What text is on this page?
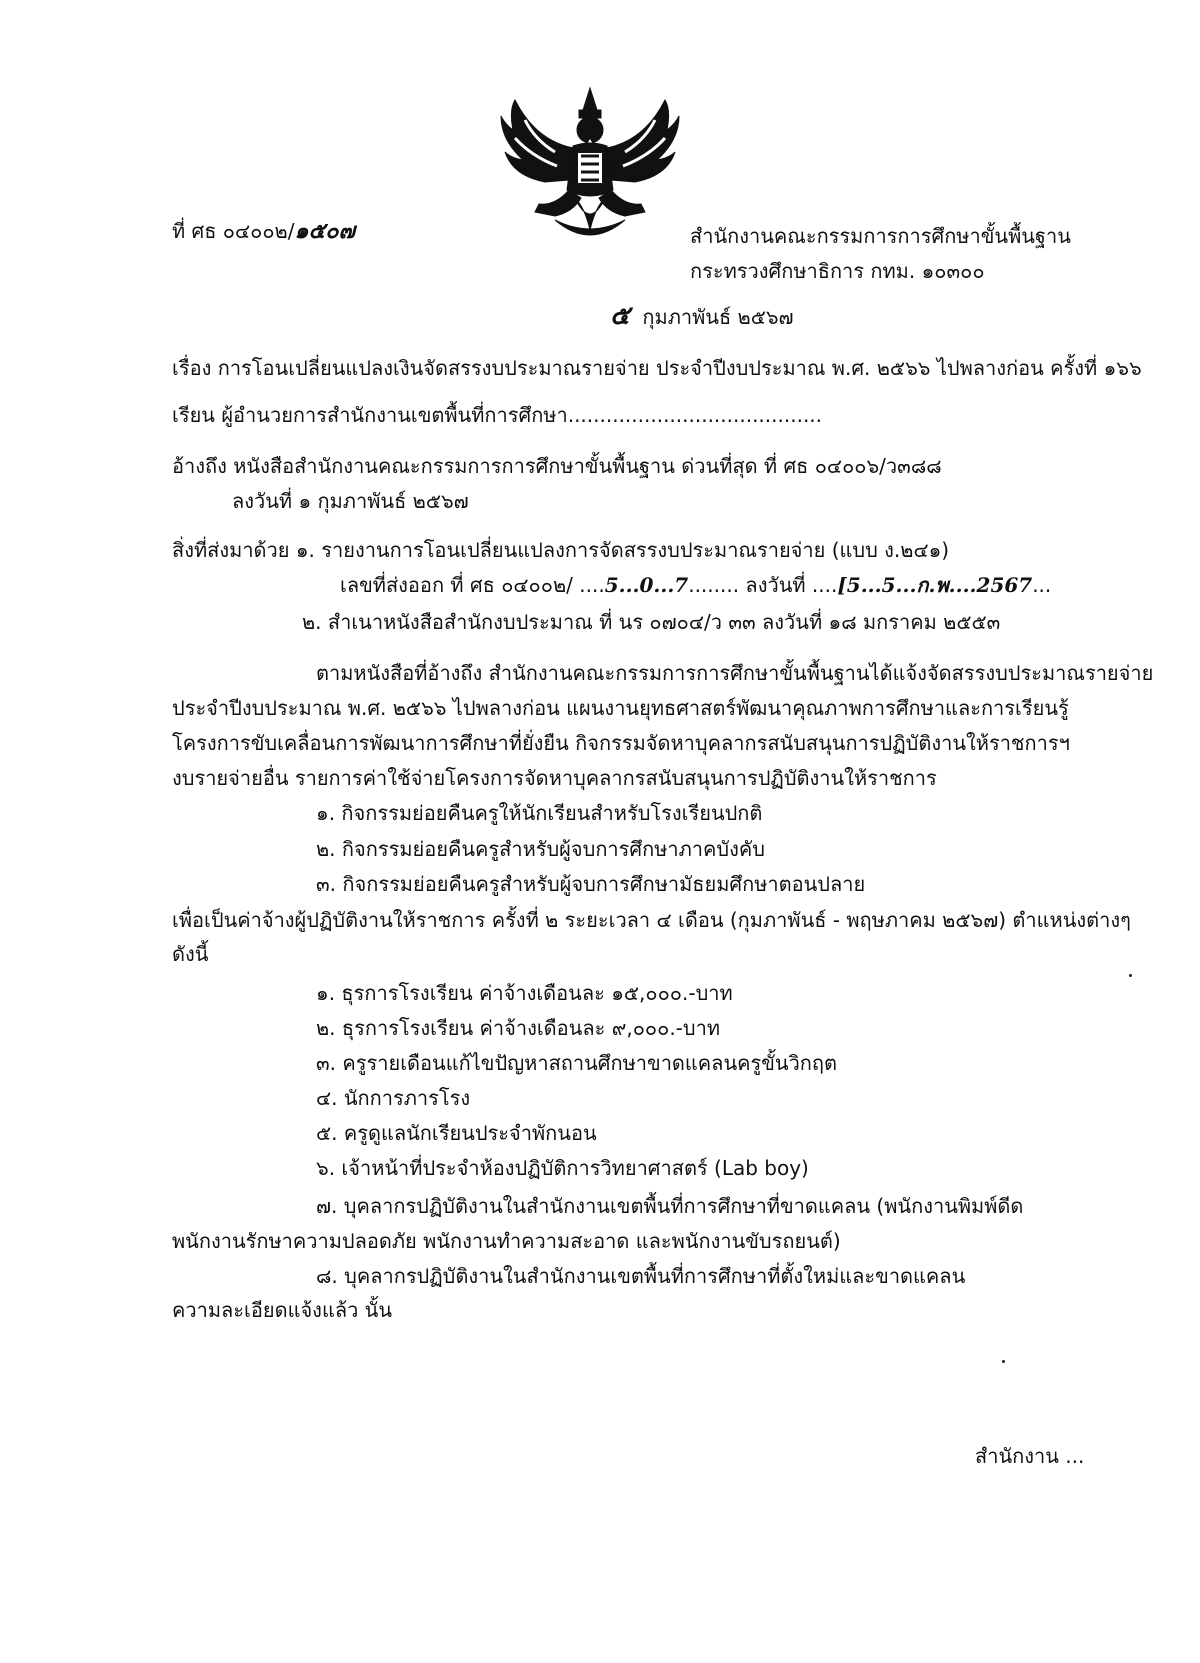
ที่ ศธ ๐๔๐๐๒/๑๕๐๗	สำนักงานคณะกรรมการการศึกษาขั้นพื้นฐาน
กระทรวงศึกษาธิการ กทม. ๑๐๓๐๐
๕ กุมภาพันธ์ ๒๕๖๗
เรื่อง การโอนเปลี่ยนแปลงเงินจัดสรรงบประมาณรายจ่าย ประจำปีงบประมาณ พ.ศ. ๒๕๖๖ ไปพลางก่อน ครั้งที่ ๑๖๖
เรียน ผู้อำนวยการสำนักงานเขตพื้นที่การศึกษา........................................
อ้างถึง หนังสือสำนักงานคณะกรรมการการศึกษาขั้นพื้นฐาน ด่วนที่สุด ที่ ศธ ๐๔๐๐๖/ว๓๘๘
ลงวันที่ ๑ กุมภาพันธ์ ๒๕๖๗
สิ่งที่ส่งมาด้วย ๑. รายงานการโอนเปลี่ยนแปลงการจัดสรรงบประมาณรายจ่าย (แบบ ง.๒๔๑)
เลขที่ส่งออก ที่ ศธ ๐๔๐๐๒/ ....5...0...7........ ลงวันที่ ....[5...5...ก.พ....2567...
๒. สำเนาหนังสือสำนักงบประมาณ ที่ นร ๐๗๐๔/ว ๓๓ ลงวันที่ ๑๘ มกราคม ๒๕๕๓
ตามหนังสือที่อ้างถึง สำนักงานคณะกรรมการการศึกษาขั้นพื้นฐานได้แจ้งจัดสรรงบประมาณรายจ่าย
ประจำปีงบประมาณ พ.ศ. ๒๕๖๖ ไปพลางก่อน แผนงานยุทธศาสตร์พัฒนาคุณภาพการศึกษาและการเรียนรู้
โครงการขับเคลื่อนการพัฒนาการศึกษาที่ยั่งยืน กิจกรรมจัดหาบุคลากรสนับสนุนการปฏิบัติงานให้ราชการฯ
งบรายจ่ายอื่น รายการค่าใช้จ่ายโครงการจัดหาบุคลากรสนับสนุนการปฏิบัติงานให้ราชการ
๑. กิจกรรมย่อยคืนครูให้นักเรียนสำหรับโรงเรียนปกติ
๒. กิจกรรมย่อยคืนครูสำหรับผู้จบการศึกษาภาคบังคับ
๓. กิจกรรมย่อยคืนครูสำหรับผู้จบการศึกษามัธยมศึกษาตอนปลาย
เพื่อเป็นค่าจ้างผู้ปฏิบัติงานให้ราชการ ครั้งที่ ๒ ระยะเวลา ๔ เดือน (กุมภาพันธ์ - พฤษภาคม ๒๕๖๗) ตำแหน่งต่างๆ
ดังนี้
๑. ธุรการโรงเรียน ค่าจ้างเดือนละ ๑๕,๐๐๐.-บาท
๒. ธุรการโรงเรียน ค่าจ้างเดือนละ ๙,๐๐๐.-บาท
๓. ครูรายเดือนแก้ไขปัญหาสถานศึกษาขาดแคลนครูขั้นวิกฤต
๔. นักการภารโรง
๕. ครูดูแลนักเรียนประจำพักนอน
๖. เจ้าหน้าที่ประจำห้องปฏิบัติการวิทยาศาสตร์ (Lab boy)
๗. บุคลากรปฏิบัติงานในสำนักงานเขตพื้นที่การศึกษาที่ขาดแคลน (พนักงานพิมพ์ดีด
พนักงานรักษาความปลอดภัย พนักงานทำความสะอาด และพนักงานขับรถยนต์)
๘. บุคลากรปฏิบัติงานในสำนักงานเขตพื้นที่การศึกษาที่ตั้งใหม่และขาดแคลน
ความละเอียดแจ้งแล้ว นั้น
สำนักงาน ...
